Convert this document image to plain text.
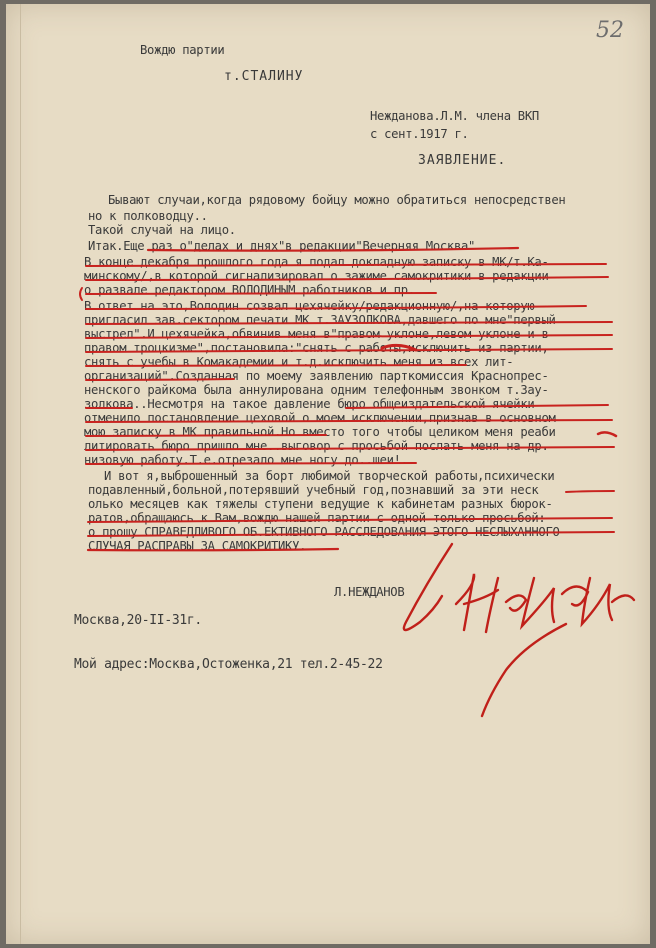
52
Вождю партии
т.СТАЛИНУ
Нежданова.Л.М. члена ВКП
с сент.1917 г.
ЗАЯВЛЕНИЕ.
Бывают случаи,когда рядовому бойцу можно обратиться непосредствен
но к полководцу..
Такой случай на лицо.
Итак.Еще раз о"делах и днях"в редакции"Вечерняя Москва"
В конце декабря прошлого года я подал докладную записку в МК/т.Ка-
минскому/,в которой сигнализировал о зажиме самокритики в редакции
о развале редактором ВОЛОДИНЫМ работников и пр.
В ответ на это,Володин созвал цехячейку/редакционную/,на которую
пригласил зав.сектором печати МК т.ЗАУЗОЛКОВА,давшего по мне"первый
выстрел".И цехячейка,обвинив меня в"правом уклоне,левом уклоне и в
правом троцкизме",постановила:"снять с работы,исключить из партии,
снять с учебы в Комакадемии и т.д.исключить меня из всех лит-
организаций".Созданная по моему заявлению парткомиссия Краснопрес-
ненского райкома была аннулирована одним телефонным звонком т.Зау-
золкова..Несмотря на такое давление бюро общеиздательской ячейки
отменило постановление цеховой о моем исключении,признав в основном
мою записку в МК правильной.Но вместо того чтобы целиком меня реаби
литировать бюро пришло мне..выговор с просьбой послать меня на др.
низовую работу.Т.е.отрезало мне ногу до..шеи!..
И вот я,выброшенный за борт любимой творческой работы,психически
подавленный,больной,потерявший учебный год,познавший за эти неск
олько месяцев как тяжелы ступени ведущие к кабинетам разных бюрок-
ратов,обращаюсь к Вам,вождю нашей партии с одной только просьбой:
о прошу СПРАВЕДЛИВОГО ОБ.ЕКТИВНОГО РАССЛЕДОВАНИЯ ЭТОГО НЕСЛЫХАННОГО
СЛУЧАЯ РАСПРАВЫ ЗА САМОКРИТИКУ.
Л.НЕЖДАНОВ
Москва,20-II-31г.
Мой адрес:Москва,Остоженка,21 тел.2-45-22
